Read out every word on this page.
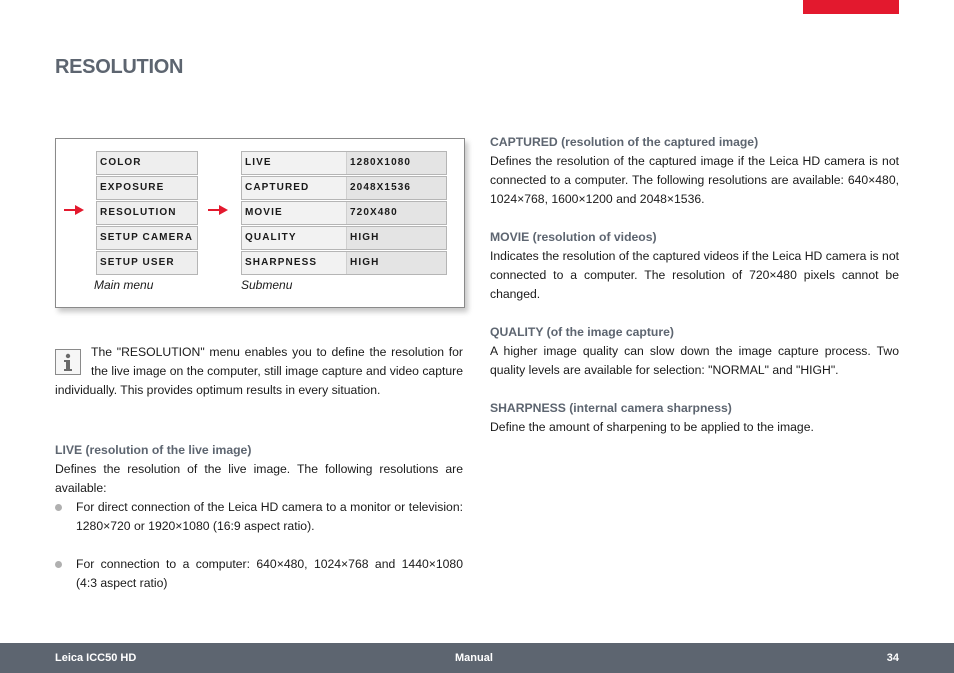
RESOLUTION
COLOR
EXPOSURE
RESOLUTION
SETUP CAMERA
SETUP USER
LIVE	1280X1080
CAPTURED	2048X1536
MOVIE	720X480
QUALITY	HIGH
SHARPNESS	HIGH
Main menu	Submenu
The "RESOLUTION" menu enables you to define the resolution for the live image on the computer, still image capture and video capture individually. This provides optimum results in every situation.
LIVE (resolution of the live image)
Defines the resolution of the live image. The following resolutions are available:
For direct connection of the Leica HD camera to a monitor or television: 1280×720 or 1920×1080 (16:9 aspect ratio).
For connection to a computer: 640×480, 1024×768 and 1440×1080 (4:3 aspect ratio)
CAPTURED (resolution of the captured image)
Defines the resolution of the captured image if the Leica HD camera is not connected to a computer. The following resolutions are available: 640×480, 1024×768, 1600×1200 and 2048×1536.
MOVIE (resolution of videos)
Indicates the resolution of the captured videos if the Leica HD camera is not connected to a computer. The resolution of 720×480 pixels cannot be changed.
QUALITY (of the image capture)
A higher image quality can slow down the image capture process. Two quality levels are available for selection: "NORMAL" and "HIGH".
SHARPNESS (internal camera sharpness)
Define the amount of sharpening to be applied to the image.
Leica ICC50 HD	Manual	34
